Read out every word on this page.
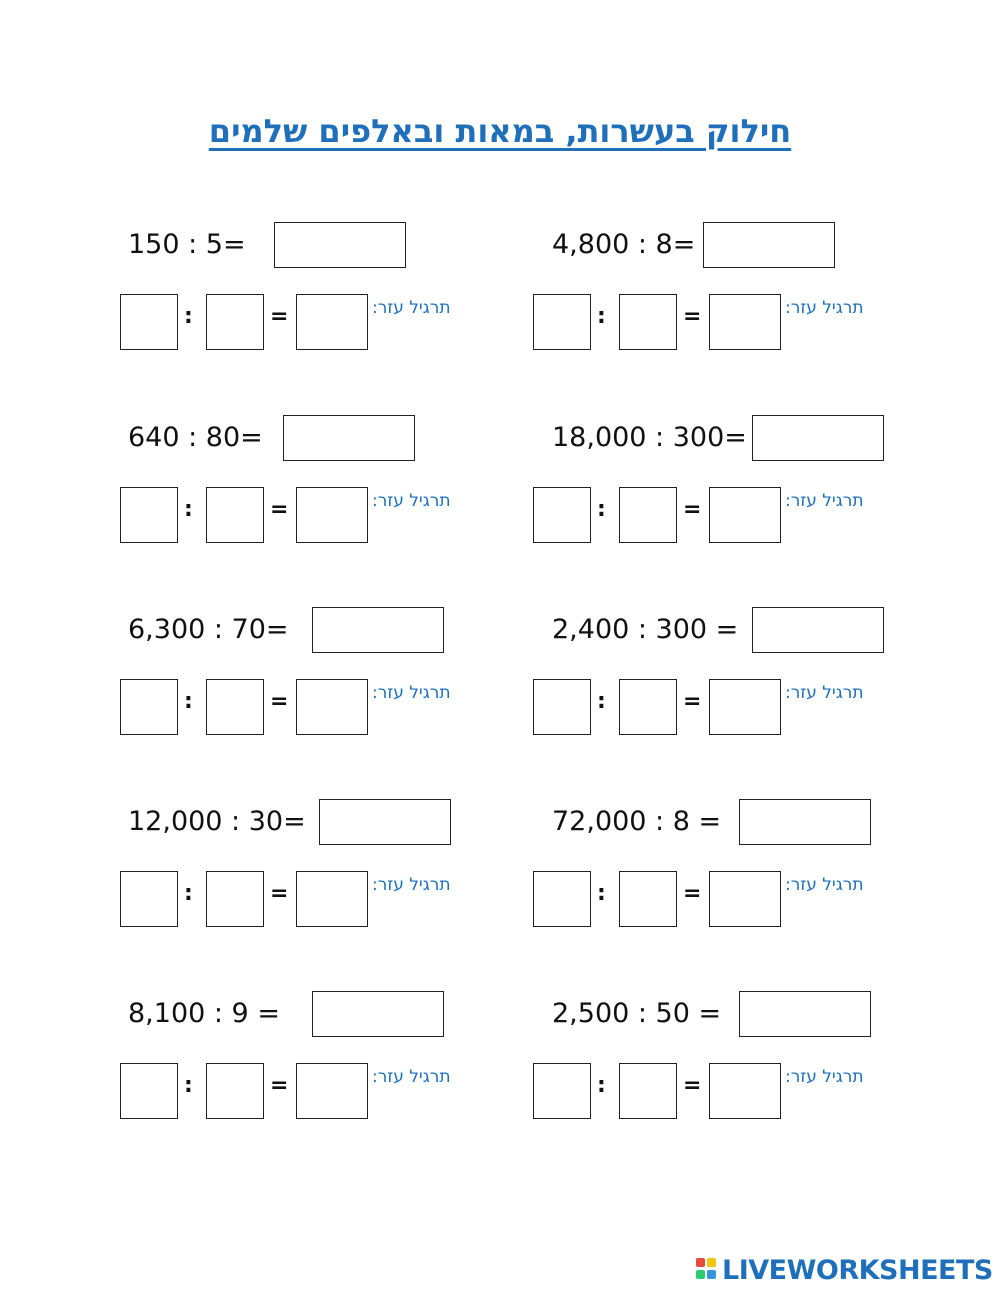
חילוק בעשרות, במאות ובאלפים שלמים
150 : 5=
:	=	תרגיל עזר:
4,800 : 8=
:	=	תרגיל עזר:
640 : 80=
:	=	תרגיל עזר:
18,000 : 300=
:	=	תרגיל עזר:
6,300 : 70=
:	=	תרגיל עזר:
2,400 : 300 =
:	=	תרגיל עזר:
12,000 : 30=
:	=	תרגיל עזר:
72,000 : 8 =
:	=	תרגיל עזר:
8,100 : 9 =
:	=	תרגיל עזר:
2,500 : 50 =
:	=	תרגיל עזר:
LIVEWORKSHEETS
